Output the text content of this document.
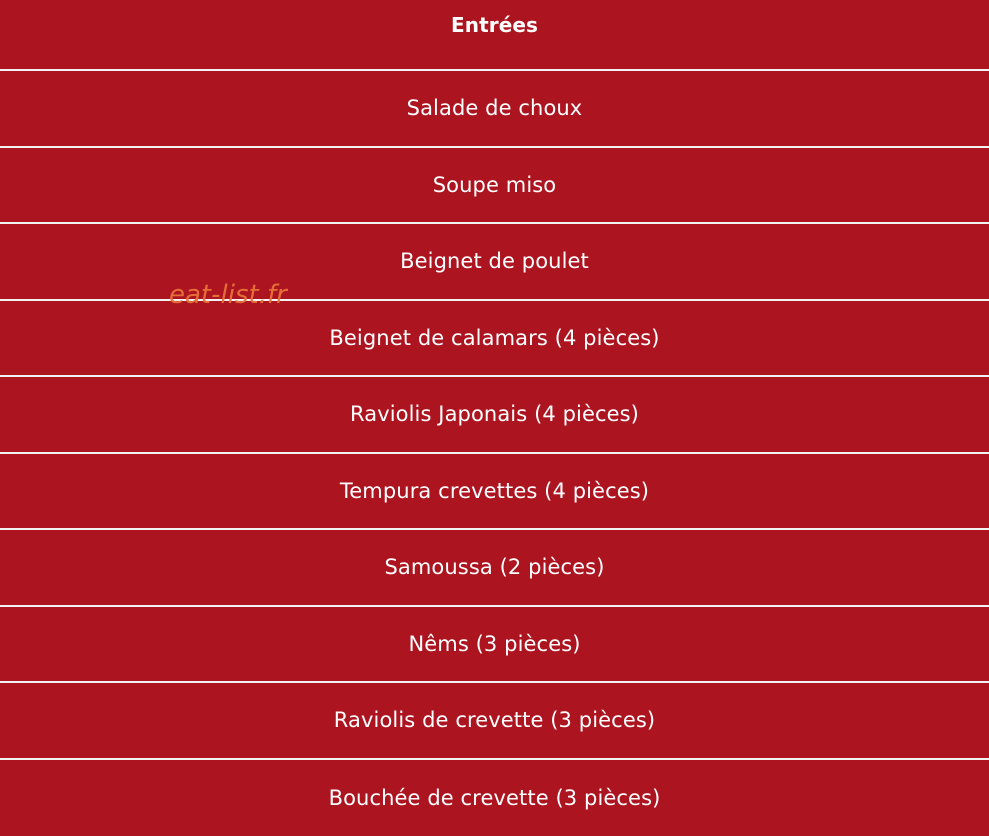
Entrées
Salade de choux
Soupe miso
Beignet de poulet
Beignet de calamars (4 pièces)
Raviolis Japonais (4 pièces)
Tempura crevettes (4 pièces)
Samoussa (2 pièces)
Nêms (3 pièces)
Raviolis de crevette (3 pièces)
Bouchée de crevette (3 pièces)
eat-list.fr
